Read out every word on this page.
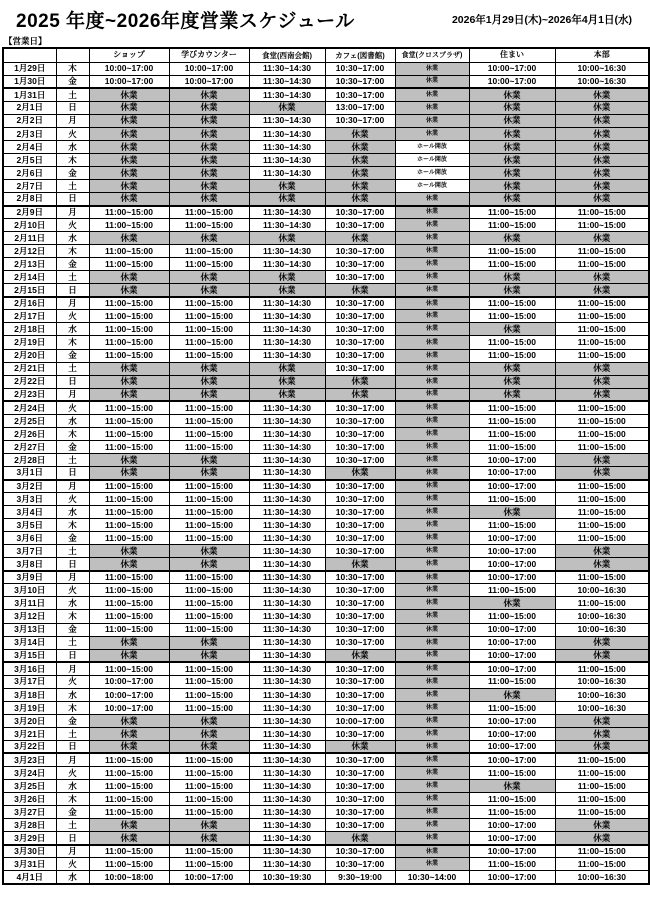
2025 年度~2026年度営業スケジュール	2026年1月29日(木)~2026年4月1日(水)
【営業日】
		ショップ	学びカウンター	食堂(西南会館)	カフェ(図書館)	食堂(クロスプラザ)	住まい	本部
1月29日	木	10:00~17:00	10:00~17:00	11:30~14:30	10:30~17:00	休業	10:00~17:00	10:00~16:30
1月30日	金	10:00~17:00	10:00~17:00	11:30~14:30	10:30~17:00	休業	10:00~17:00	10:00~16:30
1月31日	土	休業	休業	11:30~14:30	10:30~17:00	休業	休業	休業
2月1日	日	休業	休業	休業	13:00~17:00	休業	休業	休業
2月2日	月	休業	休業	11:30~14:30	10:30~17:00	休業	休業	休業
2月3日	火	休業	休業	11:30~14:30	休業	休業	休業	休業
2月4日	水	休業	休業	11:30~14:30	休業	ホール開放	休業	休業
2月5日	木	休業	休業	11:30~14:30	休業	ホール開放	休業	休業
2月6日	金	休業	休業	11:30~14:30	休業	ホール開放	休業	休業
2月7日	土	休業	休業	休業	休業	ホール開放	休業	休業
2月8日	日	休業	休業	休業	休業	休業	休業	休業
2月9日	月	11:00~15:00	11:00~15:00	11:30~14:30	10:30~17:00	休業	11:00~15:00	11:00~15:00
2月10日	火	11:00~15:00	11:00~15:00	11:30~14:30	10:30~17:00	休業	11:00~15:00	11:00~15:00
2月11日	水	休業	休業	休業	休業	休業	休業	休業
2月12日	木	11:00~15:00	11:00~15:00	11:30~14:30	10:30~17:00	休業	11:00~15:00	11:00~15:00
2月13日	金	11:00~15:00	11:00~15:00	11:30~14:30	10:30~17:00	休業	11:00~15:00	11:00~15:00
2月14日	土	休業	休業	休業	10:30~17:00	休業	休業	休業
2月15日	日	休業	休業	休業	休業	休業	休業	休業
2月16日	月	11:00~15:00	11:00~15:00	11:30~14:30	10:30~17:00	休業	11:00~15:00	11:00~15:00
2月17日	火	11:00~15:00	11:00~15:00	11:30~14:30	10:30~17:00	休業	11:00~15:00	11:00~15:00
2月18日	水	11:00~15:00	11:00~15:00	11:30~14:30	10:30~17:00	休業	休業	11:00~15:00
2月19日	木	11:00~15:00	11:00~15:00	11:30~14:30	10:30~17:00	休業	11:00~15:00	11:00~15:00
2月20日	金	11:00~15:00	11:00~15:00	11:30~14:30	10:30~17:00	休業	11:00~15:00	11:00~15:00
2月21日	土	休業	休業	休業	10:30~17:00	休業	休業	休業
2月22日	日	休業	休業	休業	休業	休業	休業	休業
2月23日	月	休業	休業	休業	休業	休業	休業	休業
2月24日	火	11:00~15:00	11:00~15:00	11:30~14:30	10:30~17:00	休業	11:00~15:00	11:00~15:00
2月25日	水	11:00~15:00	11:00~15:00	11:30~14:30	10:30~17:00	休業	11:00~15:00	11:00~15:00
2月26日	木	11:00~15:00	11:00~15:00	11:30~14:30	10:30~17:00	休業	11:00~15:00	11:00~15:00
2月27日	金	11:00~15:00	11:00~15:00	11:30~14:30	10:30~17:00	休業	11:00~15:00	11:00~15:00
2月28日	土	休業	休業	11:30~14:30	10:30~17:00	休業	10:00~17:00	休業
3月1日	日	休業	休業	11:30~14:30	休業	休業	10:00~17:00	休業
3月2日	月	11:00~15:00	11:00~15:00	11:30~14:30	10:30~17:00	休業	10:00~17:00	11:00~15:00
3月3日	火	11:00~15:00	11:00~15:00	11:30~14:30	10:30~17:00	休業	11:00~15:00	11:00~15:00
3月4日	水	11:00~15:00	11:00~15:00	11:30~14:30	10:30~17:00	休業	休業	11:00~15:00
3月5日	木	11:00~15:00	11:00~15:00	11:30~14:30	10:30~17:00	休業	11:00~15:00	11:00~15:00
3月6日	金	11:00~15:00	11:00~15:00	11:30~14:30	10:30~17:00	休業	10:00~17:00	11:00~15:00
3月7日	土	休業	休業	11:30~14:30	10:30~17:00	休業	10:00~17:00	休業
3月8日	日	休業	休業	11:30~14:30	休業	休業	10:00~17:00	休業
3月9日	月	11:00~15:00	11:00~15:00	11:30~14:30	10:30~17:00	休業	10:00~17:00	11:00~15:00
3月10日	火	11:00~15:00	11:00~15:00	11:30~14:30	10:30~17:00	休業	11:00~15:00	10:00~16:30
3月11日	水	11:00~15:00	11:00~15:00	11:30~14:30	10:30~17:00	休業	休業	11:00~15:00
3月12日	木	11:00~15:00	11:00~15:00	11:30~14:30	10:30~17:00	休業	11:00~15:00	10:00~16:30
3月13日	金	11:00~15:00	11:00~15:00	11:30~14:30	10:30~17:00	休業	10:00~17:00	10:00~16:30
3月14日	土	休業	休業	11:30~14:30	10:30~17:00	休業	10:00~17:00	休業
3月15日	日	休業	休業	11:30~14:30	休業	休業	10:00~17:00	休業
3月16日	月	11:00~15:00	11:00~15:00	11:30~14:30	10:30~17:00	休業	10:00~17:00	11:00~15:00
3月17日	火	10:00~17:00	11:00~15:00	11:30~14:30	10:30~17:00	休業	11:00~15:00	10:00~16:30
3月18日	水	10:00~17:00	11:00~15:00	11:30~14:30	10:30~17:00	休業	休業	10:00~16:30
3月19日	木	10:00~17:00	11:00~15:00	11:30~14:30	10:30~17:00	休業	11:00~15:00	10:00~16:30
3月20日	金	休業	休業	11:30~14:30	10:00~17:00	休業	10:00~17:00	休業
3月21日	土	休業	休業	11:30~14:30	10:30~17:00	休業	10:00~17:00	休業
3月22日	日	休業	休業	11:30~14:30	休業	休業	10:00~17:00	休業
3月23日	月	11:00~15:00	11:00~15:00	11:30~14:30	10:30~17:00	休業	10:00~17:00	11:00~15:00
3月24日	火	11:00~15:00	11:00~15:00	11:30~14:30	10:30~17:00	休業	11:00~15:00	11:00~15:00
3月25日	水	11:00~15:00	11:00~15:00	11:30~14:30	10:30~17:00	休業	休業	11:00~15:00
3月26日	木	11:00~15:00	11:00~15:00	11:30~14:30	10:30~17:00	休業	11:00~15:00	11:00~15:00
3月27日	金	11:00~15:00	11:00~15:00	11:30~14:30	10:30~17:00	休業	11:00~15:00	11:00~15:00
3月28日	土	休業	休業	11:30~14:30	10:30~17:00	休業	10:00~17:00	休業
3月29日	日	休業	休業	11:30~14:30	休業	休業	10:00~17:00	休業
3月30日	月	11:00~15:00	11:00~15:00	11:30~14:30	10:30~17:00	休業	10:00~17:00	11:00~15:00
3月31日	火	11:00~15:00	11:00~15:00	11:30~14:30	10:30~17:00	休業	11:00~15:00	11:00~15:00
4月1日	水	10:00~18:00	10:00~17:00	10:30~19:30	9:30~19:00	10:30~14:00	10:00~17:00	10:00~16:30
